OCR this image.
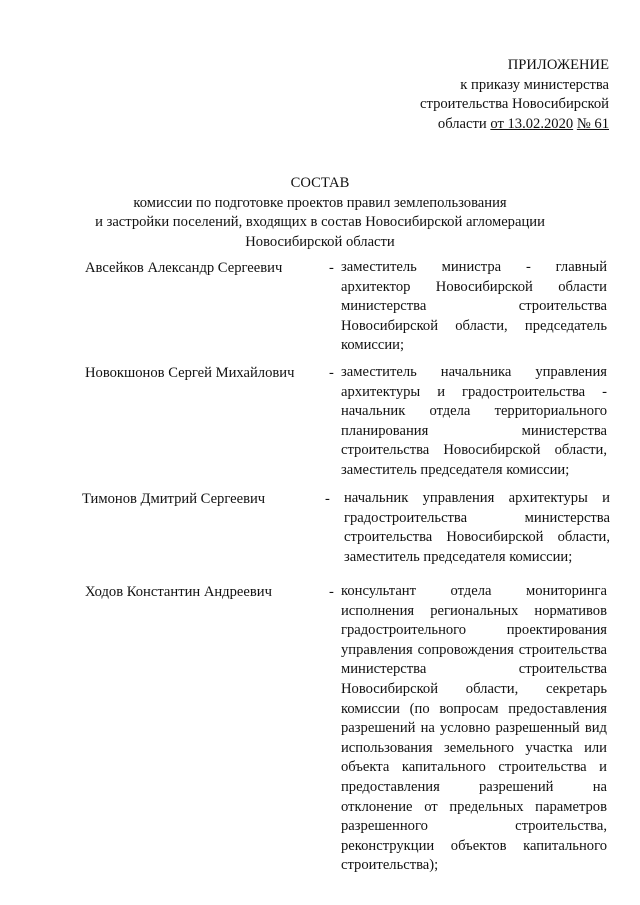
ПРИЛОЖЕНИЕ
к приказу министерства
строительства Новосибирской
области от 13.02.2020 № 61
СОСТАВ
комиссии по подготовке проектов правил землепользования
и застройки поселений, входящих в состав Новосибирской агломерации
Новосибирской области
Авсейков Александр Сергеевич	- заместитель министра - главный архитектор Новосибирской области министерства строительства Новосибирской области, председатель комиссии;
Новокшонов Сергей Михайлович - заместитель начальника управления архитектуры и градостроительства - начальник отдела территориального планирования министерства строительства Новосибирской области, заместитель председателя комиссии;
Тимонов Дмитрий Сергеевич	- начальник управления архитектуры и градостроительства министерства строительства Новосибирской области, заместитель председателя комиссии;
Ходов Константин Андреевич	- консультант отдела мониторинга исполнения региональных нормативов градостроительного проектирования управления сопровождения строительства министерства строительства Новосибирской области, секретарь комиссии (по вопросам предоставления разрешений на условно разрешенный вид использования земельного участка или объекта капитального строительства и предоставления разрешений на отклонение от предельных параметров разрешенного строительства, реконструкции объектов капитального строительства);
